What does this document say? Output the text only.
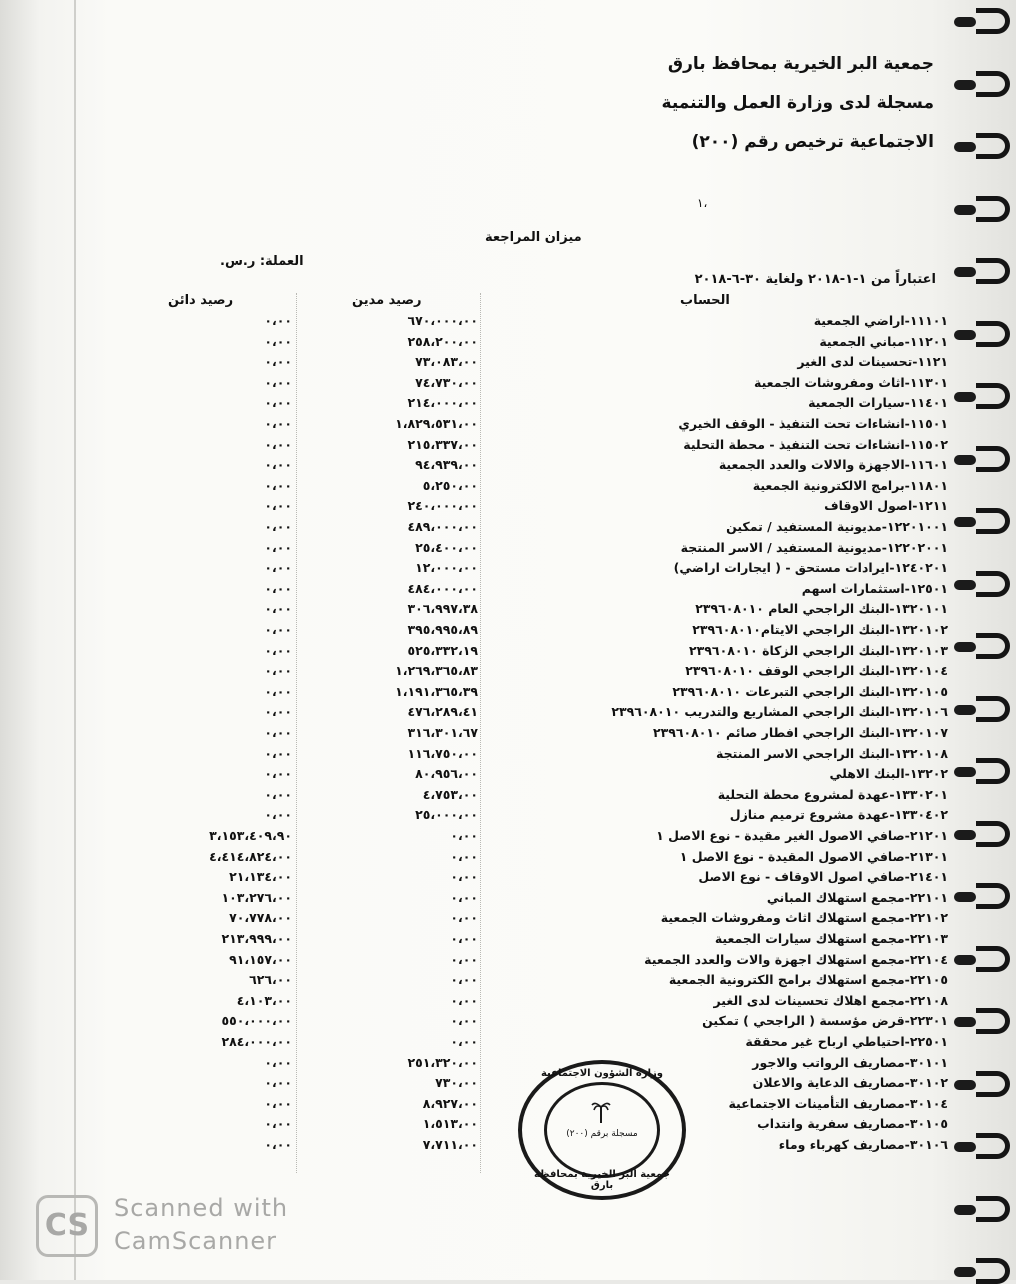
جمعية البر الخيرية بمحافظ بارق
مسجلة لدى وزارة العمل والتنمية
الاجتماعية ترخيص رقم (٢٠٠)
١،
ميزان المراجعة
العملة: ر.س.
اعتباراً من ١-١-٢٠١٨ ولغاية ٣٠-٦-٢٠١٨
الحساب
رصيد مدين
رصيد دائن
١١١٠١-اراضي الجمعية
٦٧٠،٠٠٠،٠٠
٠،٠٠
١١٢٠١-مباني الجمعية
٢٥٨،٢٠٠،٠٠
٠،٠٠
١١٢١-تحسينات لدى الغير
٧٣،٠٨٣،٠٠
٠،٠٠
١١٣٠١-اثاث ومفروشات الجمعية
٧٤،٧٣٠،٠٠
٠،٠٠
١١٤٠١-سيارات الجمعية
٢١٤،٠٠٠،٠٠
٠،٠٠
١١٥٠١-انشاءات تحت التنفيذ - الوقف الخيري
١،٨٢٩،٥٣١،٠٠
٠،٠٠
١١٥٠٢-انشاءات تحت التنفيذ - محطة التحلية
٢١٥،٣٣٧،٠٠
٠،٠٠
١١٦٠١-الاجهزة والالات والعدد الجمعية
٩٤،٩٣٩،٠٠
٠،٠٠
١١٨٠١-برامج الالكترونية الجمعية
٥،٢٥٠،٠٠
٠،٠٠
١٢١١-اصول الاوقاف
٢٤٠،٠٠٠،٠٠
٠،٠٠
١٢٢٠١٠٠١-مديونية المستفيد / تمكين
٤٨٩،٠٠٠،٠٠
٠،٠٠
١٢٢٠٢٠٠١-مديونية المستفيد / الاسر المنتجة
٢٥،٤٠٠،٠٠
٠،٠٠
١٢٤٠٢٠١-ايرادات مستحق - ( ايجارات اراضي)
١٢،٠٠٠،٠٠
٠،٠٠
١٢٥٠١-استثمارات اسهم
٤٨٤،٠٠٠،٠٠
٠،٠٠
١٣٢٠١٠١-البنك الراجحي العام ٢٣٩٦٠٨٠١٠
٣٠٦،٩٩٧،٣٨
٠،٠٠
١٣٢٠١٠٢-البنك الراجحي الايتام٢٣٩٦٠٨٠١٠
٣٩٥،٩٩٥،٨٩
٠،٠٠
١٣٢٠١٠٣-البنك الراجحي الزكاة ٢٣٩٦٠٨٠١٠
٥٢٥،٣٣٢،١٩
٠،٠٠
١٣٢٠١٠٤-البنك الراجحي الوقف ٢٣٩٦٠٨٠١٠
١،٢٦٩،٣٦٥،٨٣
٠،٠٠
١٣٢٠١٠٥-البنك الراجحي التبرعات ٢٣٩٦٠٨٠١٠
١،١٩١،٣٦٥،٣٩
٠،٠٠
١٣٢٠١٠٦-البنك الراجحي المشاريع والتدريب ٢٣٩٦٠٨٠١٠
٤٧٦،٢٨٩،٤١
٠،٠٠
١٣٢٠١٠٧-البنك الراجحي افطار صائم ٢٣٩٦٠٨٠١٠
٣١٦،٣٠١،٦٧
٠،٠٠
١٣٢٠١٠٨-البنك الراجحي الاسر المنتجة
١١٦،٧٥٠،٠٠
٠،٠٠
١٣٢٠٢-البنك الاهلي
٨٠،٩٥٦،٠٠
٠،٠٠
١٣٣٠٢٠١-عهدة لمشروع محطة التحلية
٤،٧٥٣،٠٠
٠،٠٠
١٣٣٠٤٠٢-عهدة مشروع ترميم منازل
٢٥،٠٠٠،٠٠
٠،٠٠
٢١٢٠١-صافي الاصول الغير مقيدة - نوع الاصل ١
٠،٠٠
٣،١٥٣،٤٠٩،٩٠
٢١٣٠١-صافي الاصول المقيدة - نوع الاصل ١
٠،٠٠
٤،٤١٤،٨٢٤،٠٠
٢١٤٠١-صافي اصول الاوقاف - نوع الاصل
٠،٠٠
٢١،١٣٤،٠٠
٢٢١٠١-مجمع استهلاك المباني
٠،٠٠
١٠٣،٢٧٦،٠٠
٢٢١٠٢-مجمع استهلاك اثاث ومفروشات الجمعية
٠،٠٠
٧٠،٧٧٨،٠٠
٢٢١٠٣-مجمع استهلاك سيارات الجمعية
٠،٠٠
٢١٣،٩٩٩،٠٠
٢٢١٠٤-مجمع استهلاك اجهزة والات والعدد الجمعية
٠،٠٠
٩١،١٥٧،٠٠
٢٢١٠٥-مجمع استهلاك برامج الكترونية الجمعية
٠،٠٠
٦٢٦،٠٠
٢٢١٠٨-مجمع اهلاك تحسينات لدى الغير
٠،٠٠
٤،١٠٣،٠٠
٢٢٣٠١-قرض مؤسسة ( الراجحي ) تمكين
٠،٠٠
٥٥٠،٠٠٠،٠٠
٢٢٥٠١-احتياطي ارباح غير محققة
٠،٠٠
٢٨٤،٠٠٠،٠٠
٣٠١٠١-مصاريف الرواتب والاجور
٢٥١،٣٢٠،٠٠
٠،٠٠
٣٠١٠٢-مصاريف الدعاية والاعلان
٧٣٠،٠٠
٠،٠٠
٣٠١٠٤-مصاريف التأمينات الاجتماعية
٨،٩٢٧،٠٠
٠،٠٠
٣٠١٠٥-مصاريف سفرية وانتداب
١،٥١٣،٠٠
٠،٠٠
٣٠١٠٦-مصاريف كهرباء وماء
٧،٧١١،٠٠
٠،٠٠
وزارة الشؤون الاجتماعية
مسجلة برقم (٢٠٠)
جمعية البر الخيرية بمحافظة بارق
CS	Scanned with
CamScanner
